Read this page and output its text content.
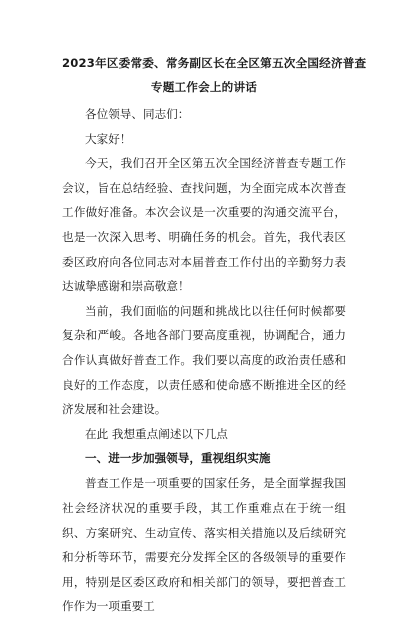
2023年区委常委、常务副区长在全区第五次全国经济普查

专题工作会上的讲话

各位领导、同志们：

大家好！

今天，我们召开全区第五次全国经济普查专题工作会议，旨在总结经验、查找问题，为全面完成本次普查工作做好准备。本次会议是一次重要的沟通交流平台，也是一次深入思考、明确任务的机会。首先，我代表区委区政府向各位同志对本届普查工作付出的辛勤努力表达诚挚感谢和崇高敬意！

当前，我们面临的问题和挑战比以往任何时候都要复杂和严峻。各地各部门要高度重视，协调配合，通力合作认真做好普查工作。我们要以高度的政治责任感和良好的工作态度，以责任感和使命感不断推进全区的经济发展和社会建设。

在此 我想重点阐述以下几点

一、进一步加强领导，重视组织实施

普查工作是一项重要的国家任务，是全面掌握我国社会经济状况的重要手段，其工作重难点在于统一组织、方案研究、生动宣传、落实相关措施以及后续研究和分析等环节，需要充分发挥全区的各级领导的重要作用，特别是区委区政府和相关部门的领导，要把普查工作作为一项重要工
